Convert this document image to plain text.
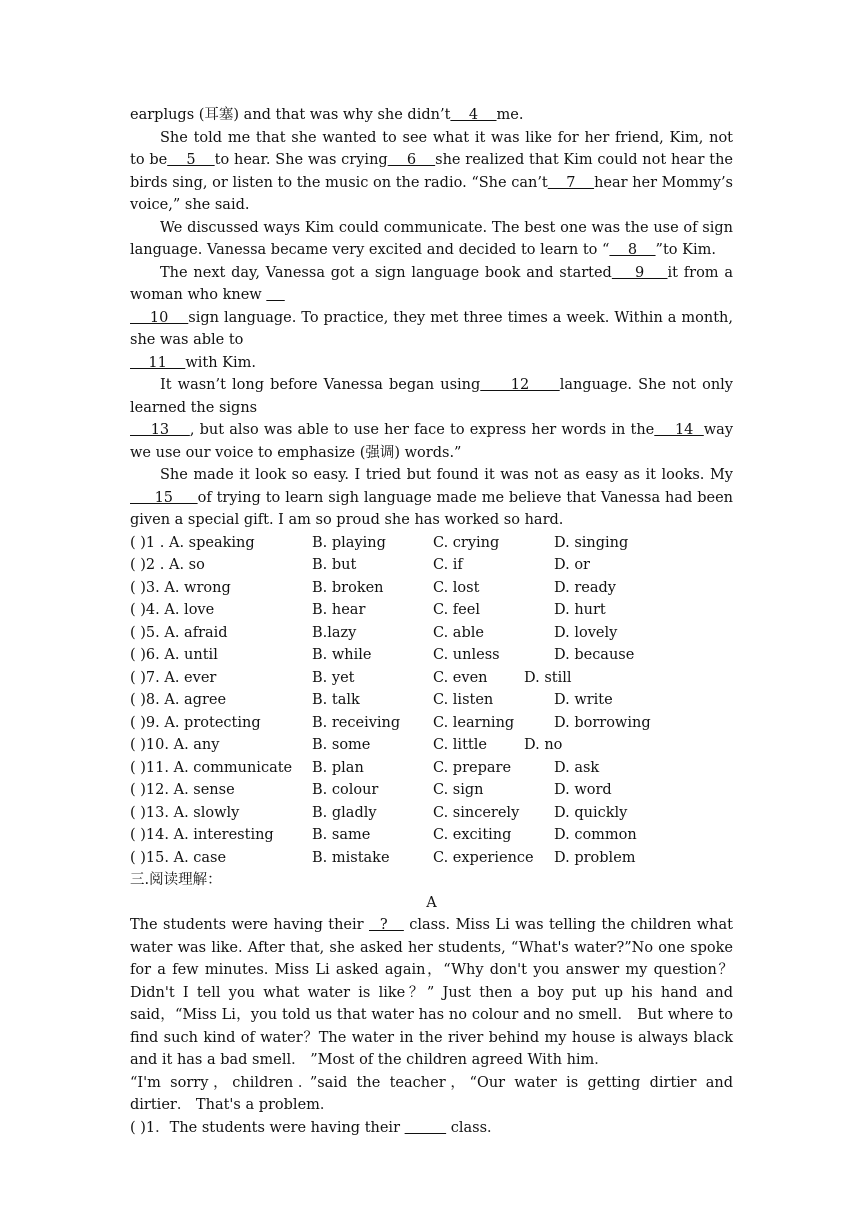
earplugs (耳塞) and that was why she didn’t    4    me.

She told me that she wanted to see what it was like for her friend, Kim, not to be    5    to hear. She was crying    6    she realized that Kim could not hear the birds sing, or listen to the music on the radio. “She can’t    7    hear her Mommy’s voice,” she said.

We discussed ways Kim could communicate. The best one was the use of sign language. Vanessa became very excited and decided to learn to “    8    ”to Kim.

The next day, Vanessa got a sign language book and started    9    it from a woman who knew

10    sign language. To practice, they met three times a week. Within a month, she was able to

11    with Kim.

It wasn’t long before Vanessa began using     12     language. She not only learned the signs

13    , but also was able to use her face to express her words in the    14  way we use our voice to emphasize (强调) words.”

She made it look so easy. I tried but found it was not as easy as it looks. My     15     of trying to learn sigh language made me believe that Vanessa had been given a special gift. I am so proud she has worked so hard.

( )1 . A. speaking	B. playing	C. crying	D. singing
( )2 . A. so	B. but	C. if	D. or
( )3. A. wrong	B. broken	C. lost	D. ready
( )4. A. love	B. hear	C. feel	D. hurt
( )5. A. afraid	B.lazy	C. able	D. lovely
( )6. A. until	B. while	C. unless	D. because
( )7. A. ever	B. yet	C. even	D. still
( )8. A. agree	B. talk	C. listen	D. write
( )9. A. protecting	B. receiving	C. learning	D. borrowing
( )10. A. any	B. some	C. little	D. no
( )11. A. communicate	B. plan	C. prepare	D. ask
( )12. A. sense	B. colour	C. sign	D. word
( )13. A. slowly	B. gladly	C. sincerely	D. quickly
( )14. A. interesting	B. same	C. exciting	D. common
( )15. A. case	B. mistake	C. experience	D. problem

三.阅读理解：

A

The students were having their   ?    class. Miss Li was telling the children what water was like. After that, she asked her students, “What's water?”No one spoke for a few minutes. Miss Li asked again，“Why don't you answer my question？Didn't I tell you what water is like？” Just then a boy put up his hand and said，“Miss Li，you told us that water has no colour and no smell． But where to find such kind of water？The water in the river behind my house is always black and it has a bad smell． ”Most of the children agreed With him．

“I'm sorry，children．”said the teacher，“Our water is getting dirtier and dirtier． That's a problem．

( )1．The students were having their	class．
